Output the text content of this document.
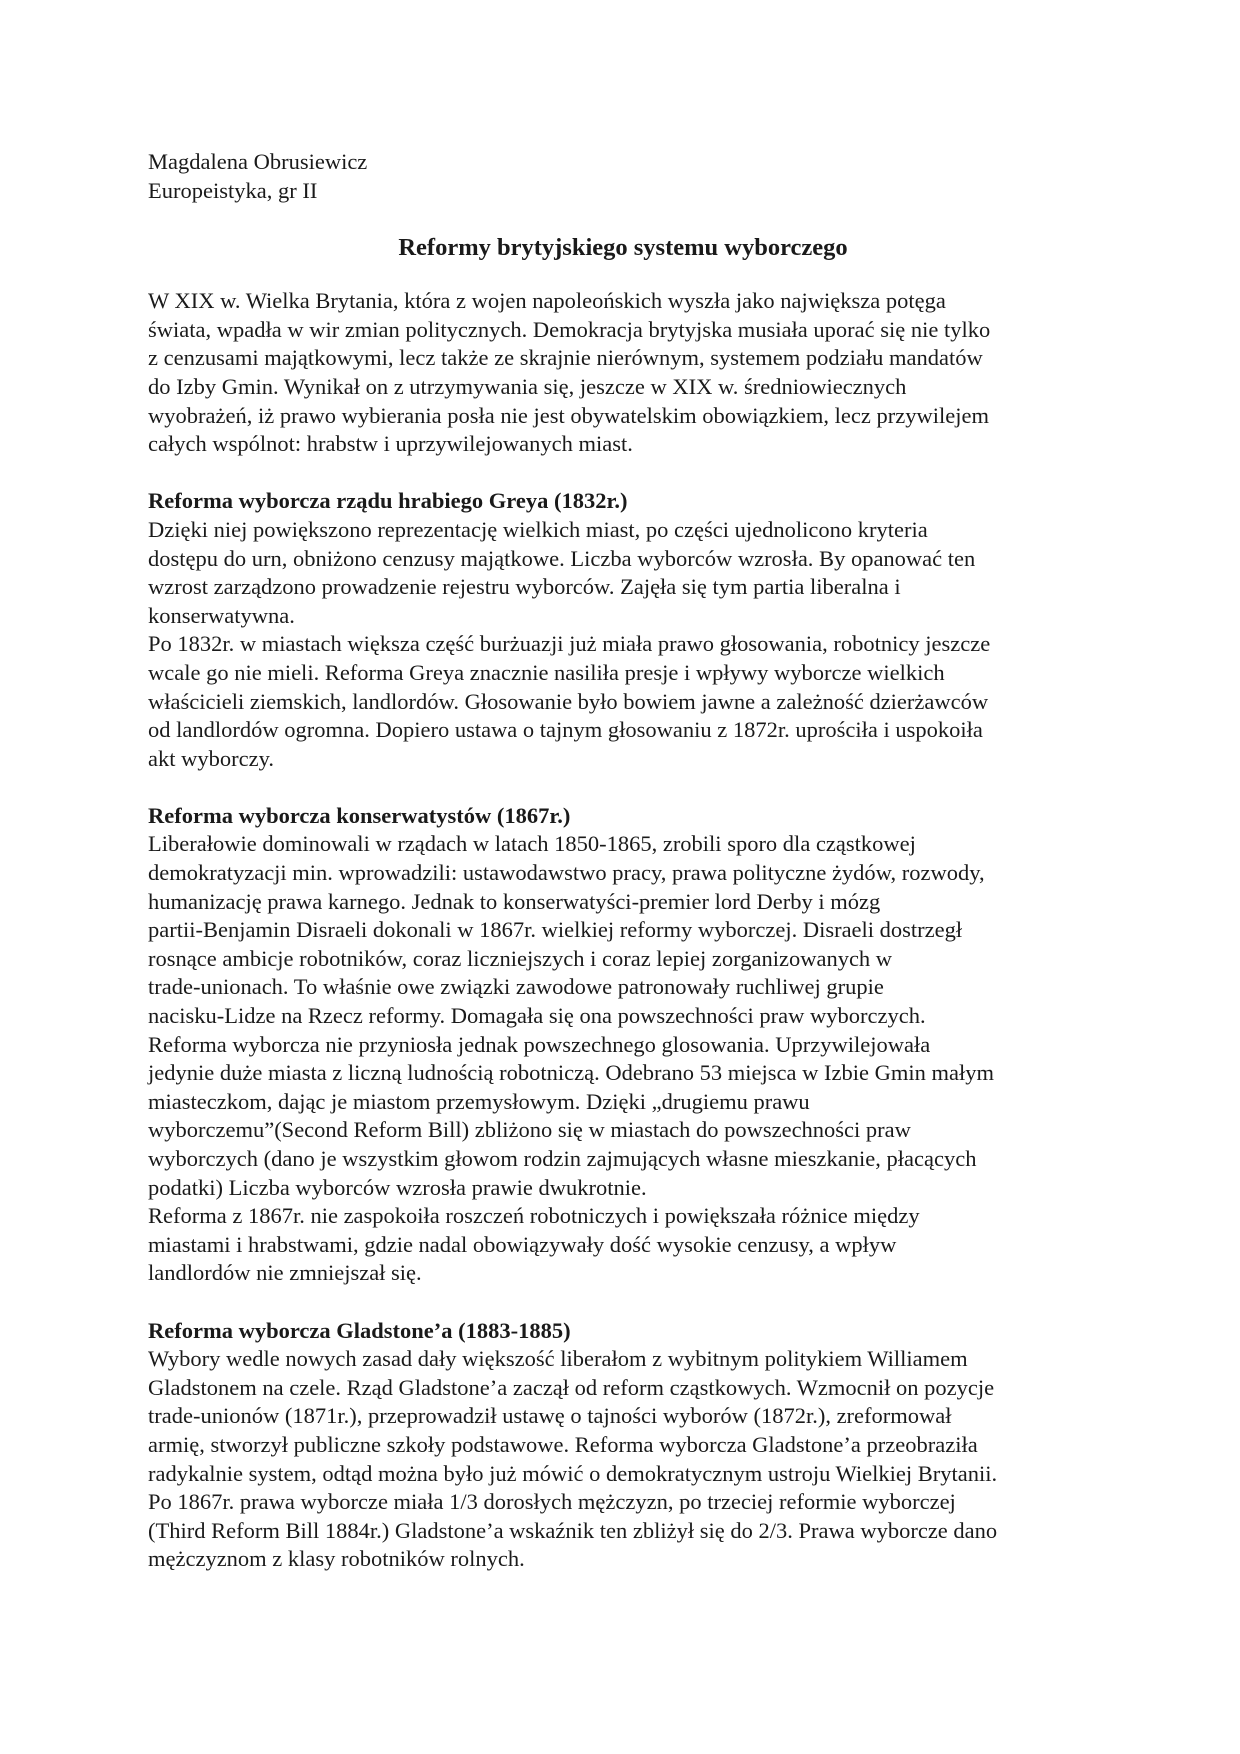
Magdalena Obrusiewicz

Europeistyka, gr II

Reformy brytyjskiego systemu wyborczego
W XIX w. Wielka Brytania, która z wojen napoleońskich wyszła jako największa potęga
świata, wpadła w wir zmian politycznych. Demokracja brytyjska musiała uporać się nie tylko
z cenzusami majątkowymi, lecz także ze skrajnie nierównym, systemem podziału mandatów
do Izby Gmin. Wynikał on z utrzymywania się, jeszcze w XIX w. średniowiecznych
wyobrażeń, iż prawo wybierania posła nie jest obywatelskim obowiązkiem, lecz przywilejem
całych wspólnot: hrabstw i uprzywilejowanych miast.

Reforma wyborcza rządu hrabiego Greya (1832r.)

Dzięki niej powiększono reprezentację wielkich miast, po części ujednolicono kryteria
dostępu do urn, obniżono cenzusy majątkowe. Liczba wyborców wzrosła. By opanować ten
wzrost zarządzono prowadzenie rejestru wyborców. Zajęła się tym partia liberalna i
konserwatywna.
Po 1832r. w miastach większa część burżuazji już miała prawo głosowania, robotnicy jeszcze
wcale go nie mieli. Reforma Greya znacznie nasiliła presje i wpływy wyborcze wielkich
właścicieli ziemskich, landlordów. Głosowanie było bowiem jawne a zależność dzierżawców
od landlordów ogromna. Dopiero ustawa o tajnym głosowaniu z 1872r. uprościła i uspokoiła
akt wyborczy.

Reforma wyborcza konserwatystów (1867r.)

Liberałowie dominowali w rządach w latach 1850-1865, zrobili sporo dla cząstkowej
demokratyzacji min. wprowadzili: ustawodawstwo pracy, prawa polityczne żydów, rozwody,
humanizację prawa karnego. Jednak to konserwatyści-premier lord Derby i mózg
partii-Benjamin Disraeli dokonali w 1867r. wielkiej reformy wyborczej. Disraeli dostrzegł
rosnące ambicje robotników, coraz liczniejszych i coraz lepiej zorganizowanych w
trade-unionach. To właśnie owe związki zawodowe patronowały ruchliwej grupie
nacisku-Lidze na Rzecz reformy. Domagała się ona powszechności praw wyborczych.
Reforma wyborcza nie przyniosła jednak powszechnego glosowania. Uprzywilejowała
jedynie duże miasta z liczną ludnością robotniczą. Odebrano 53 miejsca w Izbie Gmin małym
miasteczkom, dając je miastom przemysłowym. Dzięki „drugiemu prawu
wyborczemu”(Second Reform Bill) zbliżono się w miastach do powszechności praw
wyborczych (dano je wszystkim głowom rodzin zajmujących własne mieszkanie, płacących
podatki) Liczba wyborców wzrosła prawie dwukrotnie.
Reforma z 1867r. nie zaspokoiła roszczeń robotniczych i powiększała różnice między
miastami i hrabstwami, gdzie nadal obowiązywały dość wysokie cenzusy, a wpływ
landlordów nie zmniejszał się.

Reforma wyborcza Gladstone’a (1883-1885)

Wybory wedle nowych zasad dały większość liberałom z wybitnym politykiem Williamem
Gladstonem na czele. Rząd Gladstone’a zaczął od reform cząstkowych. Wzmocnił on pozycje
trade-unionów (1871r.), przeprowadził ustawę o tajności wyborów (1872r.), zreformował
armię, stworzył publiczne szkoły podstawowe. Reforma wyborcza Gladstone’a przeobraziła
radykalnie system, odtąd można było już mówić o demokratycznym ustroju Wielkiej Brytanii.
Po 1867r. prawa wyborcze miała 1/3 dorosłych mężczyzn, po trzeciej reformie wyborczej
(Third Reform Bill 1884r.) Gladstone’a wskaźnik ten zbliżył się do 2/3. Prawa wyborcze dano
mężczyznom z klasy robotników rolnych.
